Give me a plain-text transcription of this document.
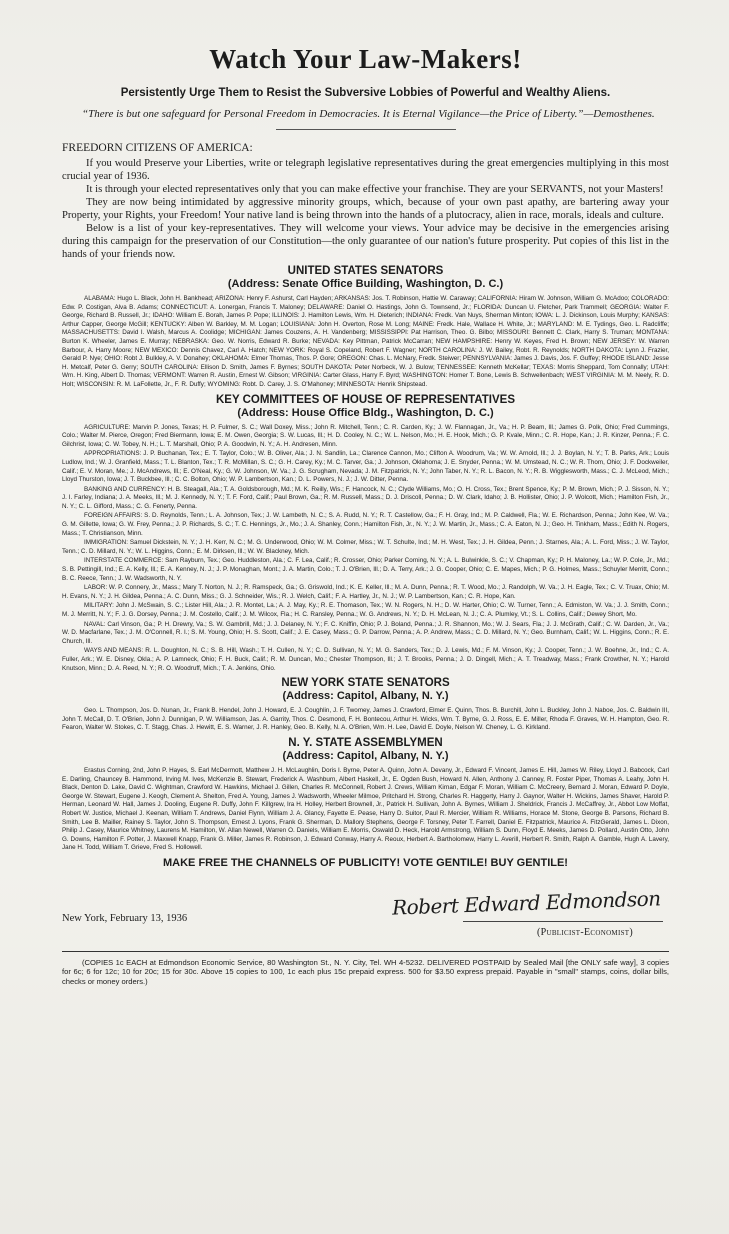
Watch Your Law-Makers!
Persistently Urge Them to Resist the Subversive Lobbies of Powerful and Wealthy Aliens.
“There is but one safeguard for Personal Freedom in Democracies. It is Eternal Vigilance—the Price of Liberty.”—Demosthenes.
FREEDORN CITIZENS OF AMERICA:

If you would Preserve your Liberties, write or telegraph legislative representatives during the great emergencies multiplying in this most crucial year of 1936.

It is through your elected representatives only that you can make effective your franchise. They are your SERVANTS, not your Masters!

They are now being intimidated by aggressive minority groups, which, because of your own past apathy, are bartering away your Property, your Rights, your Freedom! Your native land is being thrown into the hands of a plutocracy, alien in race, morals, ideals and culture.

Below is a list of your key-representatives. They will welcome your views. Your advice may be decisive in the emergencies arising during this campaign for the preservation of our Constitution—the only guarantee of our nation's future prosperity. Put copies of this list in the hands of your friends now.

UNITED STATES SENATORS
(Address: Senate Office Building, Washington, D. C.)

ALABAMA: Hugo L. Black, John H. Bankhead; ARIZONA: Henry F. Ashurst, Carl Hayden; ARKANSAS: Jos. T. Robinson, Hattie W. Caraway; CALIFORNIA: Hiram W. Johnson, William G. McAdoo; COLORADO: Edw. P. Costigan, Alva B. Adams; CONNECTICUT: A. Lonergan, Francis T. Maloney; DELAWARE: Daniel O. Hastings, John G. Townsend, Jr.; FLORIDA: Duncan U. Fletcher, Park Trammell; GEORGIA: Walter F. George, Richard B. Russell, Jr.; IDAHO: William E. Borah, James P. Pope; ILLINOIS: J. Hamilton Lewis, Wm. H. Dieterich; INDIANA: Fredk. Van Nuys, Sherman Minton; IOWA: L. J. Dickinson, Louis Murphy; KANSAS: Arthur Capper, George McGill; KENTUCKY: Alben W. Barkley, M. M. Logan; LOUISIANA: John H. Overton, Rose M. Long; MAINE: Fredk. Hale, Wallace H. White, Jr.; MARYLAND: M. E. Tydings, Geo. L. Radcliffe; MASSACHUSETTS: David I. Walsh, Marcus A. Coolidge; MICHIGAN: James Couzens, A. H. Vandenberg; MISSISSIPPI: Pat Harrison, Theo. G. Bilbo; MISSOURI: Bennett C. Clark, Harry S. Truman; MONTANA: Burton K. Wheeler, James E. Murray; NEBRASKA: Geo. W. Norris, Edward R. Burke; NEVADA: Key Pittman, Patrick McCarran; NEW HAMPSHIRE: Henry W. Keyes, Fred H. Brown; NEW JERSEY: W. Warren Barbour, A. Harry Moore; NEW MEXICO: Dennis Chavez, Carl A. Hatch; NEW YORK: Royal S. Copeland, Robert F. Wagner; NORTH CAROLINA: J. W. Bailey, Robt. R. Reynolds; NORTH DAKOTA: Lynn J. Frazier, Gerald P. Nye; OHIO: Robt J. Bulkley, A. V. Donahey; OKLAHOMA: Elmer Thomas, Thos. P. Gore; OREGON: Chas. L. McNary, Fredk. Steiwer; PENNSYLVANIA: James J. Davis, Jos. F. Guffey; RHODE ISLAND: Jesse H. Metcalf, Peter G. Gerry; SOUTH CAROLINA: Ellison D. Smith, James F. Byrnes; SOUTH DAKOTA: Peter Norbeck, W. J. Bulow; TENNESSEE: Kenneth McKellar; TEXAS: Morris Sheppard, Tom Connally; UTAH: Wm. H. King, Albert D. Thomas; VERMONT: Warren R. Austin, Ernest W. Gibson; VIRGINIA: Carter Glass, Harry F. Byrd; WASHINGTON: Homer T. Bone, Lewis B. Schwellenbach; WEST VIRGINIA: M. M. Neely, R. D. Holt; WISCONSIN: R. M. LaFollette, Jr., F. R. Duffy; WYOMING: Robt. D. Carey, J. S. O'Mahoney; MINNESOTA: Henrik Shipstead.

KEY COMMITTEES OF HOUSE OF REPRESENTATIVES
(Address: House Office Bldg., Washington, D. C.)

AGRICULTURE: Marvin P. Jones, Texas; H. P. Fulmer, S. C.; Wall Doxey, Miss.; John R. Mitchell, Tenn.; C. R. Carden, Ky.; J. W. Flannagan, Jr., Va.; H. P. Beam, Ill.; James G. Polk, Ohio; Fred Cummings, Colo.; Walter M. Pierce, Oregon; Fred Biermann, Iowa; E. M. Owen, Georgia; S. W. Lucas, Ill.; H. D. Cooley, N. C.; W. L. Nelson, Mo.; H. E. Hook, Mich.; G. P. Kvale, Minn.; C. R. Hope, Kan.; J. R. Kinzer, Penna.; F. C. Gilchrist, Iowa; C. W. Tobey, N. H.; L. T. Marshall, Ohio; P. A. Goodwin, N. Y.; A. H. Andresen, Minn.

APPROPRIATIONS: J. P. Buchanan, Tex.; E. T. Taylor, Colo.; W. B. Oliver, Ala.; J. N. Sandlin, La.; Clarence Cannon, Mo.; Clifton A. Woodrum, Va.; W. W. Arnold, Ill.; J. J. Boylan, N. Y.; T. B. Parks, Ark.; Louis Ludlow, Ind.; W. J. Granfield, Mass.; T. L. Blanton, Tex.; T. R. McMillan, S. C.; G. H. Carey, Ky.; M. C. Tarver, Ga.; J. Johnson, Oklahoma; J. E. Snyder, Penna.; W. M. Umstead, N. C.; W. R. Thom, Ohio; J. F. Dockweiler, Calif.; E. V. Moran, Me.; J. McAndrews, Ill.; E. O'Neal, Ky.; G. W. Johnson, W. Va.; J. G. Scrugham, Nevada; J. M. Fitzpatrick, N. Y.; John Taber, N. Y.; R. L. Bacon, N. Y.; R. B. Wigglesworth, Mass.; C. J. McLeod, Mich.; Lloyd Thurston, Iowa; J. T. Buckbee, Ill.; C. C. Bolton, Ohio; W. P. Lambertson, Kan.; D. L. Powers, N. J.; J. W. Ditter, Penna.

BANKING AND CURRENCY: H. B. Steagall, Ala.; T. A. Goldsborough, Md.; M. K. Reilly, Wis.; F. Hancock, N. C.; Clyde Williams, Mo.; O. H. Cross, Tex.; Brent Spence, Ky.; P. M. Brown, Mich.; P. J. Sisson, N. Y.; J. I. Farley, Indiana; J. A. Meeks, Ill.; M. J. Kennedy, N. Y.; T. F. Ford, Calif.; Paul Brown, Ga.; R. M. Russell, Mass.; D. J. Driscoll, Penna.; D. W. Clark, Idaho; J. B. Hollister, Ohio; J. P. Wolcott, Mich.; Hamilton Fish, Jr., N. Y.; C. L. Gifford, Mass.; C. G. Fenerty, Penna.

FOREIGN AFFAIRS: S. D. Reynolds, Tenn.; L. A. Johnson, Tex.; J. W. Lambeth, N. C.; S. A. Rudd, N. Y.; R. T. Castellow, Ga.; F. H. Gray, Ind.; M. P. Caldwell, Fla.; W. E. Richardson, Penna.; John Kee, W. Va.; G. M. Gillette, Iowa; G. W. Frey, Penna.; J. P. Richards, S. C.; T. C. Hennings, Jr., Mo.; J. A. Shanley, Conn.; Hamilton Fish, Jr., N. Y.; J. W. Martin, Jr., Mass.; C. A. Eaton, N. J.; Geo. H. Tinkham, Mass.; Edith N. Rogers, Mass.; T. Christianson, Minn.

IMMIGRATION: Samuel Dickstein, N. Y.; J. H. Kerr, N. C.; M. G. Underwood, Ohio; W. M. Colmer, Miss.; W. T. Schulte, Ind.; M. H. West, Tex.; J. H. Gildea, Penn.; J. Starnes, Ala.; A. L. Ford, Miss.; J. W. Taylor, Tenn.; C. D. Millard, N. Y.; W. L. Higgins, Conn.; E. M. Dirksen, Ill.; W. W. Blackney, Mich.

INTERSTATE COMMERCE: Sam Rayburn, Tex.; Geo. Huddleston, Ala.; C. F. Lea, Calif.; R. Crosser, Ohio; Parker Corning, N. Y.; A. L. Bulwinkle, S. C.; V. Chapman, Ky.; P. H. Maloney, La.; W. P. Cole, Jr., Md.; S. B. Pettingill, Ind.; E. A. Kelly, Ill.; E. A. Kenney, N. J.; J. P. Monaghan, Mont.; J. A. Martin, Colo.; T. J. O'Brien, Ill.; D. A. Terry, Ark.; J. G. Cooper, Ohio; C. E. Mapes, Mich.; P. G. Holmes, Mass.; Schuyler Merritt, Conn.; B. C. Reece, Tenn.; J. W. Wadsworth, N. Y.

LABOR: W. P. Connery, Jr., Mass.; Mary T. Norton, N. J.; R. Ramspeck, Ga.; G. Griswold, Ind.; K. E. Keller, Ill.; M. A. Dunn, Penna.; R. T. Wood, Mo.; J. Randolph, W. Va.; J. H. Eagle, Tex.; C. V. Truax, Ohio; M. H. Evans, N. Y.; J. H. Gildea, Penna.; A. C. Dunn, Miss.; G. J. Schneider, Wis.; R. J. Welch, Calif.; F. A. Hartley, Jr., N. J.; W. P. Lambertson, Kan.; C. R. Hope, Kan.

MILITARY: John J. McSwain, S. C.; Lister Hill, Ala.; J. R. Montet, La.; A. J. May, Ky.; R. E. Thomason, Tex.; W. N. Rogers, N. H.; D. W. Harter, Ohio; C. W. Turner, Tenn.; A. Edmiston, W. Va.; J. J. Smith, Conn.; M. J. Merritt, N. Y.; F. J. G. Dorsey, Penna.; J. M. Costello, Calif.; J. M. Wilcox, Fla.; H. C. Ransley, Penna.; W. G. Andrews, N. Y.; D. H. McLean, N. J.; C. A. Plumley, Vt.; S. L. Collins, Calif.; Dewey Short, Mo.

NAVAL: Carl Vinson, Ga.; P. H. Drewry, Va.; S. W. Gambrill, Md.; J. J. Delaney, N. Y.; F. C. Kniffin, Ohio; P. J. Boland, Penna.; J. R. Shannon, Mo.; W. J. Sears, Fla.; J. J. McGrath, Calif.; C. W. Darden, Jr., Va.; W. D. Macfarlane, Tex.; J. M. O'Connell, R. I.; S. M. Young, Ohio; H. S. Scott, Calif.; J. E. Casey, Mass.; G. P. Darrow, Penna.; A. P. Andrew, Mass.; C. D. Millard, N. Y.; Geo. Burnham, Calif.; W. L. Higgins, Conn.; R. E. Church, Ill.

WAYS AND MEANS: R. L. Doughton, N. C.; S. B. Hill, Wash.; T. H. Cullen, N. Y.; C. D. Sullivan, N. Y.; M. G. Sanders, Tex.; D. J. Lewis, Md.; F. M. Vinson, Ky.; J. Cooper, Tenn.; J. W. Boehne, Jr., Ind.; C. A. Fuller, Ark.; W. E. Disney, Okla.; A. P. Lamneck, Ohio; F. H. Buck, Calif.; R. M. Duncan, Mo.; Chester Thompson, Ill.; J. T. Brooks, Penna.; J. D. Dingell, Mich.; A. T. Treadway, Mass.; Frank Crowther, N. Y.; Harold Knutson, Minn.; D. A. Reed, N. Y.; R. O. Woodruff, Mich.; T. A. Jenkins, Ohio.

NEW YORK STATE SENATORS
(Address: Capitol, Albany, N. Y.)

Geo. L. Thompson, Jos. D. Nunan, Jr., Frank B. Hendel, John J. Howard, E. J. Coughlin, J. F. Twomey, James J. Crawford, Elmer E. Quinn, Thos. B. Burchill, John L. Buckley, John J. Naboe, Jos. C. Baldwin III, John T. McCall, D. T. O'Brien, John J. Dunnigan, P. W. Williamson, Jas. A. Garrity, Thos. C. Desmond, F. H. Bontecou, Arthur H. Wicks, Wm. T. Byrne, G. J. Ross, E. E. Miller, Rhoda F. Graves, W. H. Hampton, Geo. R. Fearon, Walter W. Stokes, C. T. Stagg, Chas. J. Hewitt, E. S. Warner, J. R. Hanley, Geo. B. Kelly, N. A. O'Brien, Wm. H. Lee, David E. Doyle, Nelson W. Cheney, L. G. Kirkland.

N. Y. STATE ASSEMBLYMEN
(Address: Capitol, Albany, N. Y.)

Erastus Corning, 2nd, John P. Hayes, S. Earl McDermott, Matthew J. H. McLaughlin, Doris I. Byrne, Peter A. Quinn, John A. Devany, Jr., Edward F. Vincent, James E. Hill, James W. Riley, Lloyd J. Babcock, Carl E. Darling, Chauncey B. Hammond, Irving M. Ives, McKenzie B. Stewart, Frederick A. Washburn, Albert Haskell, Jr., E. Ogden Bush, Howard N. Allen, Anthony J. Canney, R. Foster Piper, Thomas A. Leahy, John H. Black, Denton D. Lake, David C. Wightman, Crawford W. Hawkins, Michael J. Gillen, Charles R. McConnell, Robert J. Crews, William Kirnan, Edgar F. Moran, William C. McCreery, Bernard J. Moran, Edward P. Doyle, George W. Stewart, Eugene J. Keogh, Clement A. Shelton, Fred A. Young, James J. Wadsworth, Wheeler Milmoe, Pritchard H. Strong, Charles R. Haggerty, Harry J. Gaynor, Walter H. Wickins, James Shaver, Harold P. Herman, Leonard W. Hall, James J. Dooling, Eugene R. Duffy, John F. Killgrew, Ira H. Holley, Herbert Brownell, Jr., Patrick H. Sullivan, John A. Byrnes, William J. Sheldrick, Francis J. McCaffrey, Jr., Abbot Low Moffat, Robert W. Justice, Michael J. Keenan, William T. Andrews, Daniel Flynn, William J. A. Glancy, Fayette E. Pease, Harry D. Suitor, Paul R. Mercier, William R. Williams, Horace M. Stone, George B. Parsons, Richard B. Smith, Lee B. Mailler, Rainey S. Taylor, John S. Thompson, Ernest J. Lyons, Frank G. Sherman, D. Mallory Stephens, George F. Torsney, Peter T. Farrell, Daniel E. Fitzpatrick, Maurice A. FitzGerald, James L. Dixon, Philip J. Casey, Maurice Whitney, Laurens M. Hamilton, W. Allan Newell, Warren O. Daniels, William E. Morris, Oswald D. Heck, Harold Armstrong, William S. Dunn, Floyd E. Meeks, James D. Pollard, Austin Otto, John G. Downs, Hamilton F. Potter, J. Maxwell Knapp, Frank G. Miller, James R. Robinson, J. Edward Conway, Harry A. Reoux, Herbert A. Bartholomew, Harry L. Averill, Herbert R. Smith, Ralph A. Gamble, Hugh A. Lavery, Jane H. Todd, William T. Grieve, Fred S. Hollowell.

MAKE FREE THE CHANNELS OF PUBLICITY! VOTE GENTILE! BUY GENTILE!
New York, February 13, 1936	Robert Edward Edmondson
(Publicist-Economist)

(COPIES 1c EACH at Edmondson Economic Service, 80 Washington St., N. Y. City, Tel. WH 4-5232. DELIVERED POSTPAID by Sealed Mail [the ONLY safe way], 3 copies for 6c; 6 for 12c; 10 for 20c; 15 for 30c. Above 15 copies to 100, 1c each plus 15c prepaid express. 500 for $3.50 express prepaid. Payable in "small" stamps, coins, dollar bills, checks or money orders.)
